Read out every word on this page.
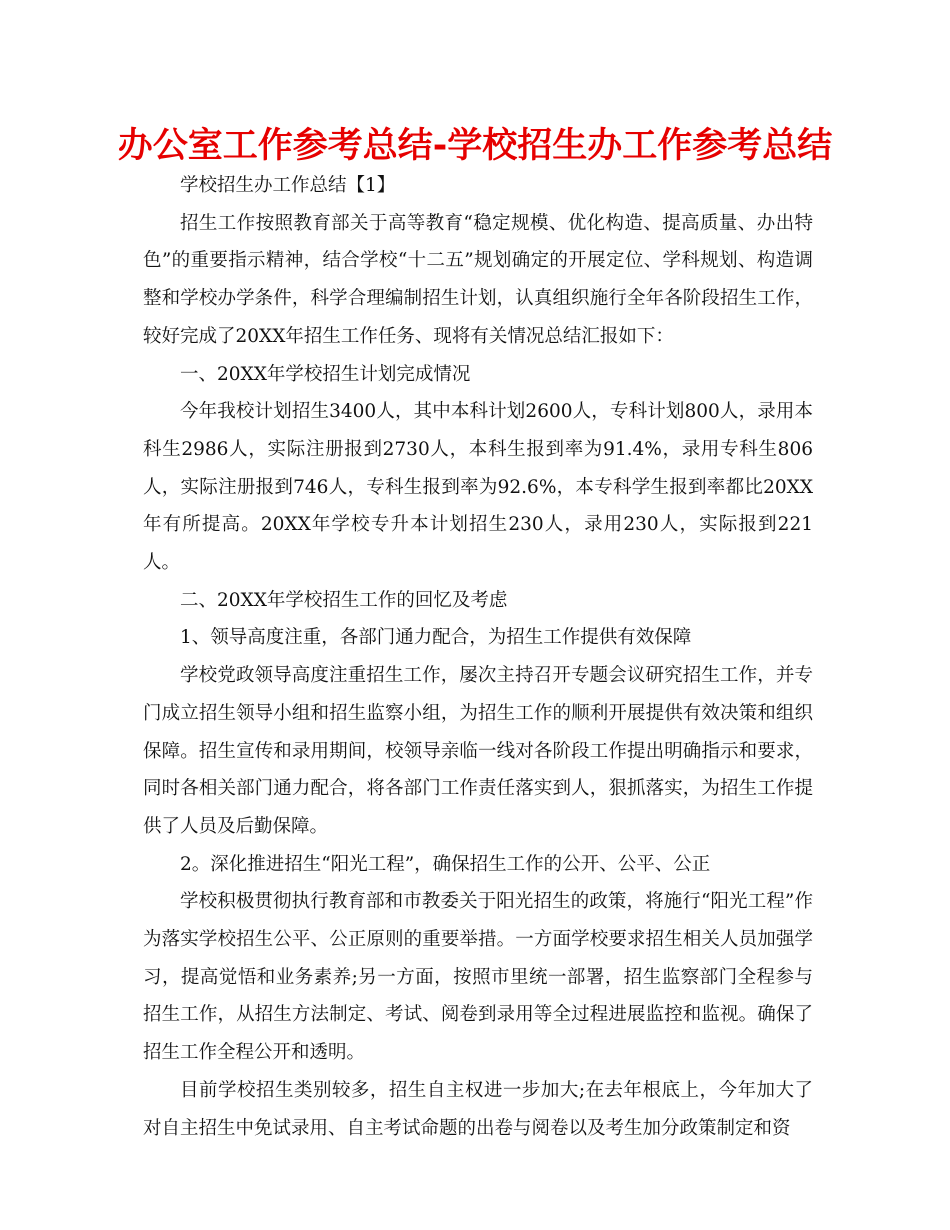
办公室工作参考总结-学校招生办工作参考总结

学校招生办工作总结【1】

招生工作按照教育部关于高等教育“稳定规模、优化构造、提高质量、办出特色”的重要指示精神，结合学校“十二五”规划确定的开展定位、学科规划、构造调整和学校办学条件，科学合理编制招生计划，认真组织施行全年各阶段招生工作，较好完成了20XX年招生工作任务、现将有关情况总结汇报如下：

一、20XX年学校招生计划完成情况

今年我校计划招生3400人，其中本科计划2600人，专科计划800人，录用本科生2986人，实际注册报到2730人，本科生报到率为91.4%，录用专科生806人，实际注册报到746人，专科生报到率为92.6%，本专科学生报到率都比20XX年有所提高。20XX年学校专升本计划招生230人，录用230人，实际报到221人。

二、20XX年学校招生工作的回忆及考虑

1、领导高度注重，各部门通力配合，为招生工作提供有效保障

学校党政领导高度注重招生工作，屡次主持召开专题会议研究招生工作，并专门成立招生领导小组和招生监察小组，为招生工作的顺利开展提供有效决策和组织保障。招生宣传和录用期间，校领导亲临一线对各阶段工作提出明确指示和要求，同时各相关部门通力配合，将各部门工作责任落实到人，狠抓落实，为招生工作提供了人员及后勤保障。

2。深化推进招生“阳光工程”，确保招生工作的公开、公平、公正

学校积极贯彻执行教育部和市教委关于阳光招生的政策，将施行“阳光工程”作为落实学校招生公平、公正原则的重要举措。一方面学校要求招生相关人员加强学习，提高觉悟和业务素养;另一方面，按照市里统一部署，招生监察部门全程参与招生工作，从招生方法制定、考试、阅卷到录用等全过程进展监控和监视。确保了招生工作全程公开和透明。

目前学校招生类别较多，招生自主权进一步加大;在去年根底上，今年加大了对自主招生中免试录用、自主考试命题的出卷与阅卷以及考生加分政策制定和资
